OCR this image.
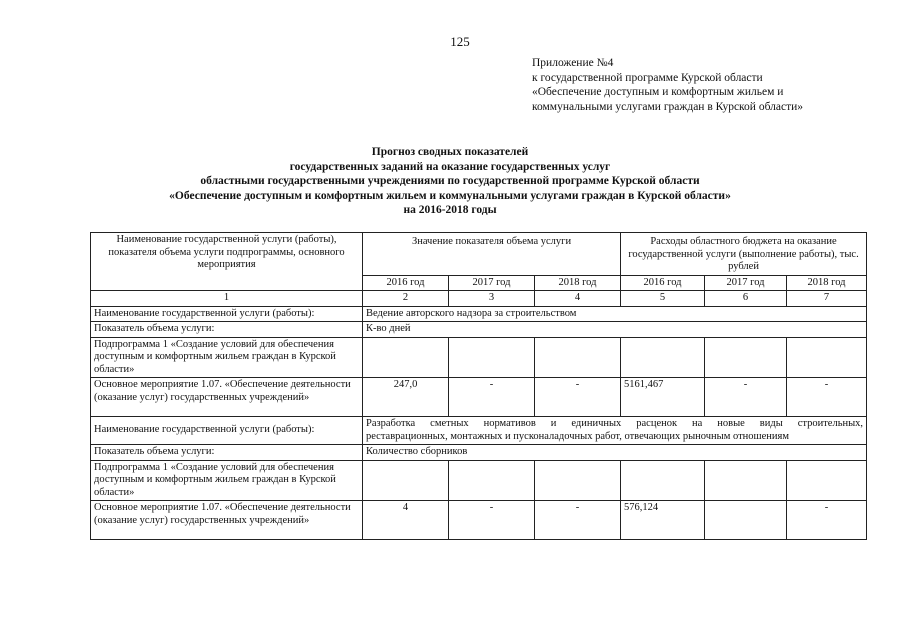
125
Приложение №4
к государственной программе Курской области
«Обеспечение доступным и комфортным жильем и
коммунальными услугами граждан в Курской области»
Прогноз сводных показателей
государственных заданий на оказание государственных услуг
областными государственными учреждениями по государственной программе Курской области
«Обеспечение доступным и комфортным жильем и коммунальными услугами граждан в Курской области»
на 2016-2018 годы
Наименование государственной услуги (работы), показателя объема услуги подпрограммы, основного мероприятия	Значение показателя объема услуги			Расходы областного бюджета на оказание государственной услуги (выполнение работы), тыс. рублей		
	2016 год	2017 год	2018 год	2016 год	2017 год	2018 год
1	2	3	4	5	6	7
Наименование государственной услуги (работы):	Ведение авторского надзора за строительством					
Показатель объема услуги:	К-во дней					
Подпрограмма 1 «Создание условий для обеспечения доступным и комфортным жильем граждан в Курской области»						
Основное мероприятие 1.07. «Обеспечение деятельности (оказание услуг) государственных учреждений»	247,0	-	-	5161,467	-	-
Наименование государственной услуги (работы):	Разработка сметных нормативов и единичных расценок на новые виды строительных,
реставрационных, монтажных и пусконаладочных работ, отвечающих рыночным отношениям					

Показатель объема услуги:	Количество сборников					
Подпрограмма 1 «Создание условий для обеспечения доступным и комфортным жильем граждан в Курской области»						
Основное мероприятие 1.07. «Обеспечение деятельности (оказание услуг) государственных учреждений»	4	-	-	576,124		-
